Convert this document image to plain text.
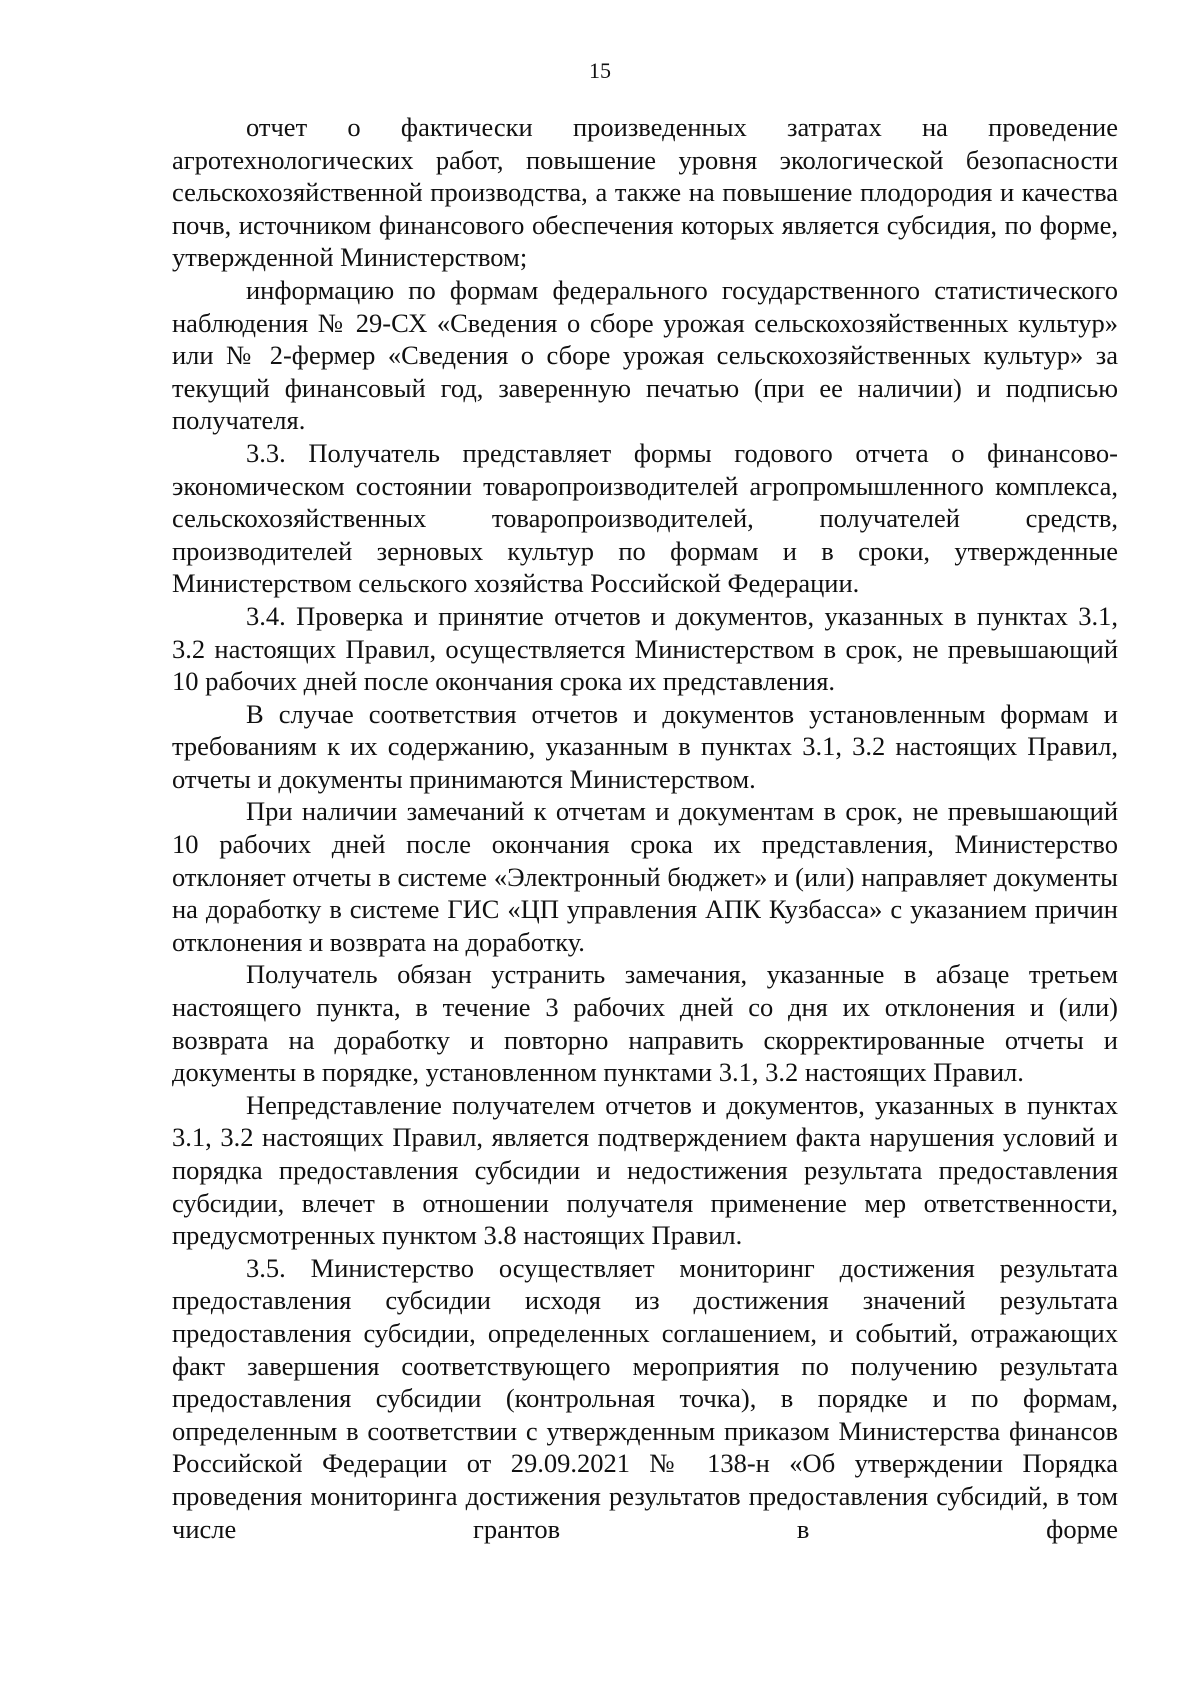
15

отчет о фактически произведенных затратах на проведение агротехнологических работ, повышение уровня экологической безопасности сельскохозяйственной производства, а также на повышение плодородия и качества почв, источником финансового обеспечения которых является субсидия, по форме, утвержденной Министерством;

информацию по формам федерального государственного статистического наблюдения № 29-СХ «Сведения о сборе урожая сельскохозяйственных культур» или № 2-фермер «Сведения о сборе урожая сельскохозяйственных культур» за текущий финансовый год, заверенную печатью (при ее наличии) и подписью получателя.

3.3. Получатель представляет формы годового отчета о финансово-экономическом состоянии товаропроизводителей агропромышленного комплекса, сельскохозяйственных товаропроизводителей, получателей средств, производителей зерновых культур по формам и в сроки, утвержденные Министерством сельского хозяйства Российской Федерации.

3.4. Проверка и принятие отчетов и документов, указанных в пунктах 3.1, 3.2 настоящих Правил, осуществляется Министерством в срок, не превышающий 10 рабочих дней после окончания срока их представления.

В случае соответствия отчетов и документов установленным формам и требованиям к их содержанию, указанным в пунктах 3.1, 3.2 настоящих Правил, отчеты и документы принимаются Министерством.

При наличии замечаний к отчетам и документам в срок, не превышающий 10 рабочих дней после окончания срока их представления, Министерство отклоняет отчеты в системе «Электронный бюджет» и (или) направляет документы на доработку в системе ГИС «ЦП управления АПК Кузбасса» с указанием причин отклонения и возврата на доработку.

Получатель обязан устранить замечания, указанные в абзаце третьем настоящего пункта, в течение 3 рабочих дней со дня их отклонения и (или) возврата на доработку и повторно направить скорректированные отчеты и документы в порядке, установленном пунктами 3.1, 3.2 настоящих Правил.

Непредставление получателем отчетов и документов, указанных в пунктах 3.1, 3.2 настоящих Правил, является подтверждением факта нарушения условий и порядка предоставления субсидии и недостижения результата предоставления субсидии, влечет в отношении получателя применение мер ответственности, предусмотренных пунктом 3.8 настоящих Правил.

3.5. Министерство осуществляет мониторинг достижения результата предоставления субсидии исходя из достижения значений результата предоставления субсидии, определенных соглашением, и событий, отражающих факт завершения соответствующего мероприятия по получению результата предоставления субсидии (контрольная точка), в порядке и по формам, определенным в соответствии с утвержденным приказом Министерства финансов Российской Федерации от 29.09.2021 № 138-н «Об утверждении Порядка проведения мониторинга достижения результатов предоставления субсидий, в том числе грантов в форме
